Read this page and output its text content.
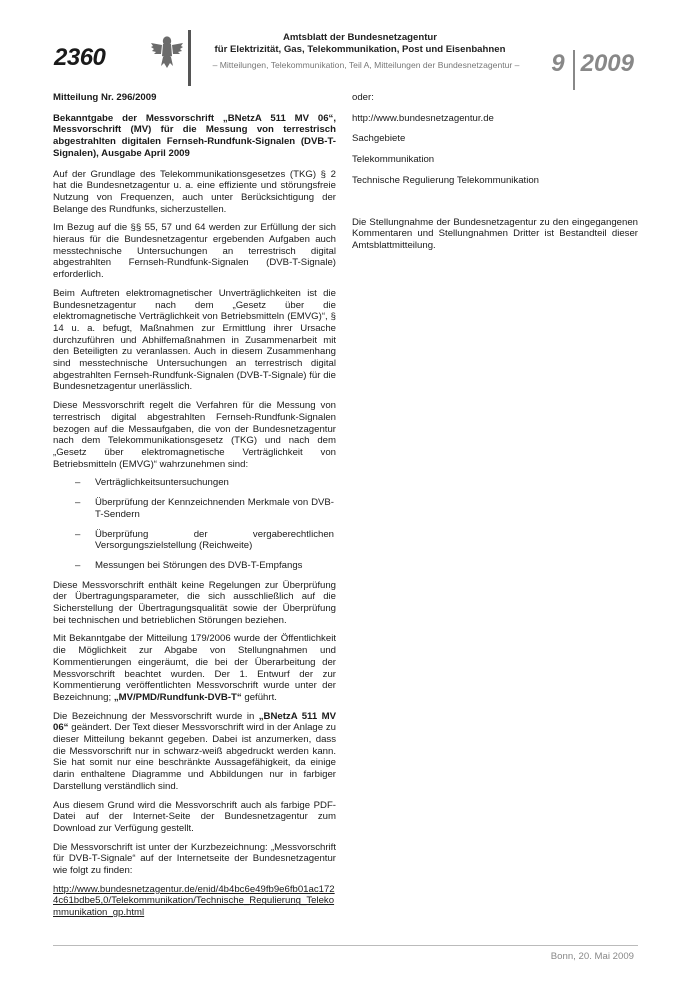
2360
Amtsblatt der Bundesnetzagentur
für Elektrizität, Gas, Telekommunikation, Post und Eisenbahnen
– Mitteilungen, Telekommunikation, Teil A, Mitteilungen der Bundesnetzagentur –	9 2009

Mitteilung Nr. 296/2009

Bekanntgabe der Messvorschrift „BNetzA 511 MV 06“, Messvorschrift (MV) für die Messung von terrestrisch abgestrahlten digitalen Fernseh-Rundfunk-Signalen (DVB-T-Signalen), Ausgabe April 2009

Auf der Grundlage des Telekommunikationsgesetzes (TKG) § 2 hat die Bundesnetzagentur u. a. eine effiziente und störungsfreie Nutzung von Frequenzen, auch unter Berücksichtigung der Belange des Rundfunks, sicherzustellen.

Im Bezug auf die §§ 55, 57 und 64 werden zur Erfüllung der sich hieraus für die Bundesnetzagentur ergebenden Aufgaben auch messtechnische Untersuchungen an terrestrisch digital abgestrahlten Fernseh-Rundfunk-Signalen (DVB-T-Signale) erforderlich.

Beim Auftreten elektromagnetischer Unverträglichkeiten ist die Bundesnetzagentur nach dem „Gesetz über die elektromagnetische Verträglichkeit von Betriebsmitteln (EMVG)“, § 14 u. a. befugt, Maßnahmen zur Ermittlung ihrer Ursache durchzuführen und Abhilfemaßnahmen in Zusammenarbeit mit den Beteiligten zu veranlassen. Auch in diesem Zusammenhang sind messtechnische Untersuchungen an terrestrisch digital abgestrahlten Fernseh-Rundfunk-Signalen (DVB-T-Signale) für die Bundesnetzagentur unerlässlich.

Diese Messvorschrift regelt die Verfahren für die Messung von terrestrisch digital abgestrahlten Fernseh-Rundfunk-Signalen bezogen auf die Messaufgaben, die von der Bundesnetzagentur nach dem Telekommunikationsgesetz (TKG) und nach dem „Gesetz über elektromagnetische Verträglichkeit von Betriebsmitteln (EMVG)“ wahrzunehmen sind:

–	Verträglichkeitsuntersuchungen
–	Überprüfung der Kennzeichnenden Merkmale von DVB-T-Sendern
–	Überprüfung der vergaberechtlichen Versorgungszielstellung (Reichweite)
–	Messungen bei Störungen des DVB-T-Empfangs

Diese Messvorschrift enthält keine Regelungen zur Überprüfung der Übertragungsparameter, die sich ausschließlich auf die Sicherstellung der Übertragungsqualität sowie der Überprüfung bei technischen und betrieblichen Störungen beziehen.

Mit Bekanntgabe der Mitteilung 179/2006 wurde der Öffentlichkeit die Möglichkeit zur Abgabe von Stellungnahmen und Kommentierungen eingeräumt, die bei der Überarbeitung der Messvorschrift beachtet wurden. Der 1. Entwurf der zur Kommentierung veröffentlichten Messvorschrift wurde unter der Bezeichnung; „MV/PMD/Rundfunk-DVB-T“ geführt.

Die Bezeichnung der Messvorschrift wurde in „BNetzA 511 MV 06“ geändert. Der Text dieser Messvorschrift wird in der Anlage zu dieser Mitteilung bekannt gegeben. Dabei ist anzumerken, dass die Messvorschrift nur in schwarz-weiß abgedruckt werden kann. Sie hat somit nur eine beschränkte Aussagefähigkeit, da einige darin enthaltene Diagramme und Abbildungen nur in farbiger Darstellung verständlich sind.

Aus diesem Grund wird die Messvorschrift auch als farbige PDF-Datei auf der Internet-Seite der Bundesnetzagentur zum Download zur Verfügung gestellt.

Die Messvorschrift ist unter der Kurzbezeichnung: „Messvorschrift für DVB-T-Signale“ auf der Internetseite der Bundesnetzagentur wie folgt zu finden:

http://www.bundesnetzagentur.de/enid/4b4bc6e49fb9e6fb01ac1724c61bdbe5,0/Telekommunikation/Technische_Regulierung_Telekommunikation_gp.html

oder:

http://www.bundesnetzagentur.de

Sachgebiete

Telekommunikation

Technische Regulierung Telekommunikation

Die Stellungnahme der Bundesnetzagentur zu den eingegangenen Kommentaren und Stellungnahmen Dritter ist Bestandteil dieser Amtsblattmitteilung.

Bonn, 20. Mai 2009
